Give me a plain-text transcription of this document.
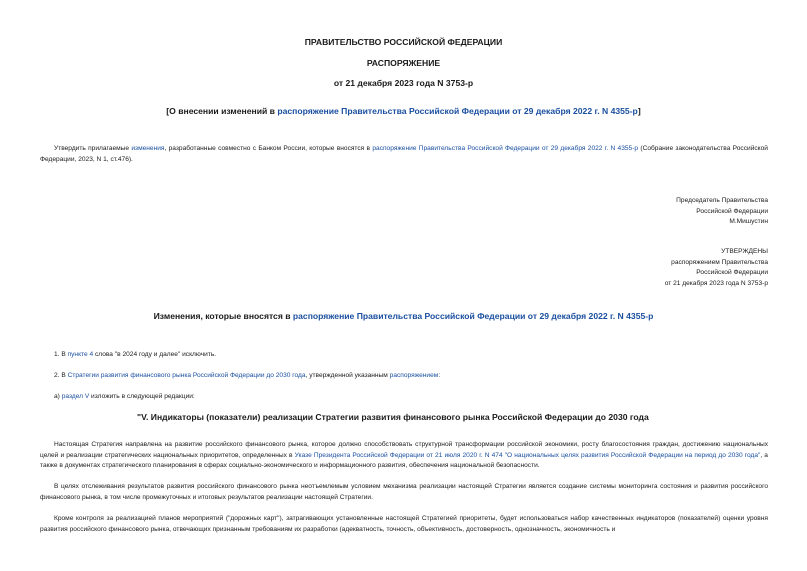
ПРАВИТЕЛЬСТВО РОССИЙСКОЙ ФЕДЕРАЦИИ
РАСПОРЯЖЕНИЕ
от 21 декабря 2023 года N 3753-р
[О внесении изменений в распоряжение Правительства Российской Федерации от 29 декабря 2022 г. N 4355-р]
Утвердить прилагаемые изменения, разработанные совместно с Банком России, которые вносятся в распоряжение Правительства Российской Федерации от 29 декабря 2022 г. N 4355-р (Собрание законодательства Российской Федерации, 2023, N 1, ст.476).
Председатель Правительства
Российской Федерации
М.Мишустин
УТВЕРЖДЕНЫ
распоряжением Правительства
Российской Федерации
от 21 декабря 2023 года N 3753-р
Изменения, которые вносятся в распоряжение Правительства Российской Федерации от 29 декабря 2022 г. N 4355-р
1. В пункте 4 слова "в 2024 году и далее" исключить.
2. В Стратегии развития финансового рынка Российской Федерации до 2030 года, утвержденной указанным распоряжением:
а) раздел V изложить в следующей редакции:
"V. Индикаторы (показатели) реализации Стратегии развития финансового рынка Российской Федерации до 2030 года
Настоящая Стратегия направлена на развитие российского финансового рынка, которое должно способствовать структурной трансформации российской экономики, росту благосостояния граждан, достижению национальных целей и реализации стратегических национальных приоритетов, определенных в Указе Президента Российской Федерации от 21 июля 2020 г. N 474 "О национальных целях развития Российской Федерации на период до 2030 года", а также в документах стратегического планирования в сферах социально-экономического и информационного развития, обеспечения национальной безопасности.
В целях отслеживания результатов развития российского финансового рынка неотъемлемым условием механизма реализации настоящей Стратегии является создание системы мониторинга состояния и развития российского финансового рынка, в том числе промежуточных и итоговых результатов реализации настоящей Стратегии.
Кроме контроля за реализацией планов мероприятий ("дорожных карт"), затрагивающих установленные настоящей Стратегией приоритеты, будет использоваться набор качественных индикаторов (показателей) оценки уровня развития российского финансового рынка, отвечающих признанным требованиям их разработки (адекватность, точность, объективность, достоверность, однозначность, экономичность и
